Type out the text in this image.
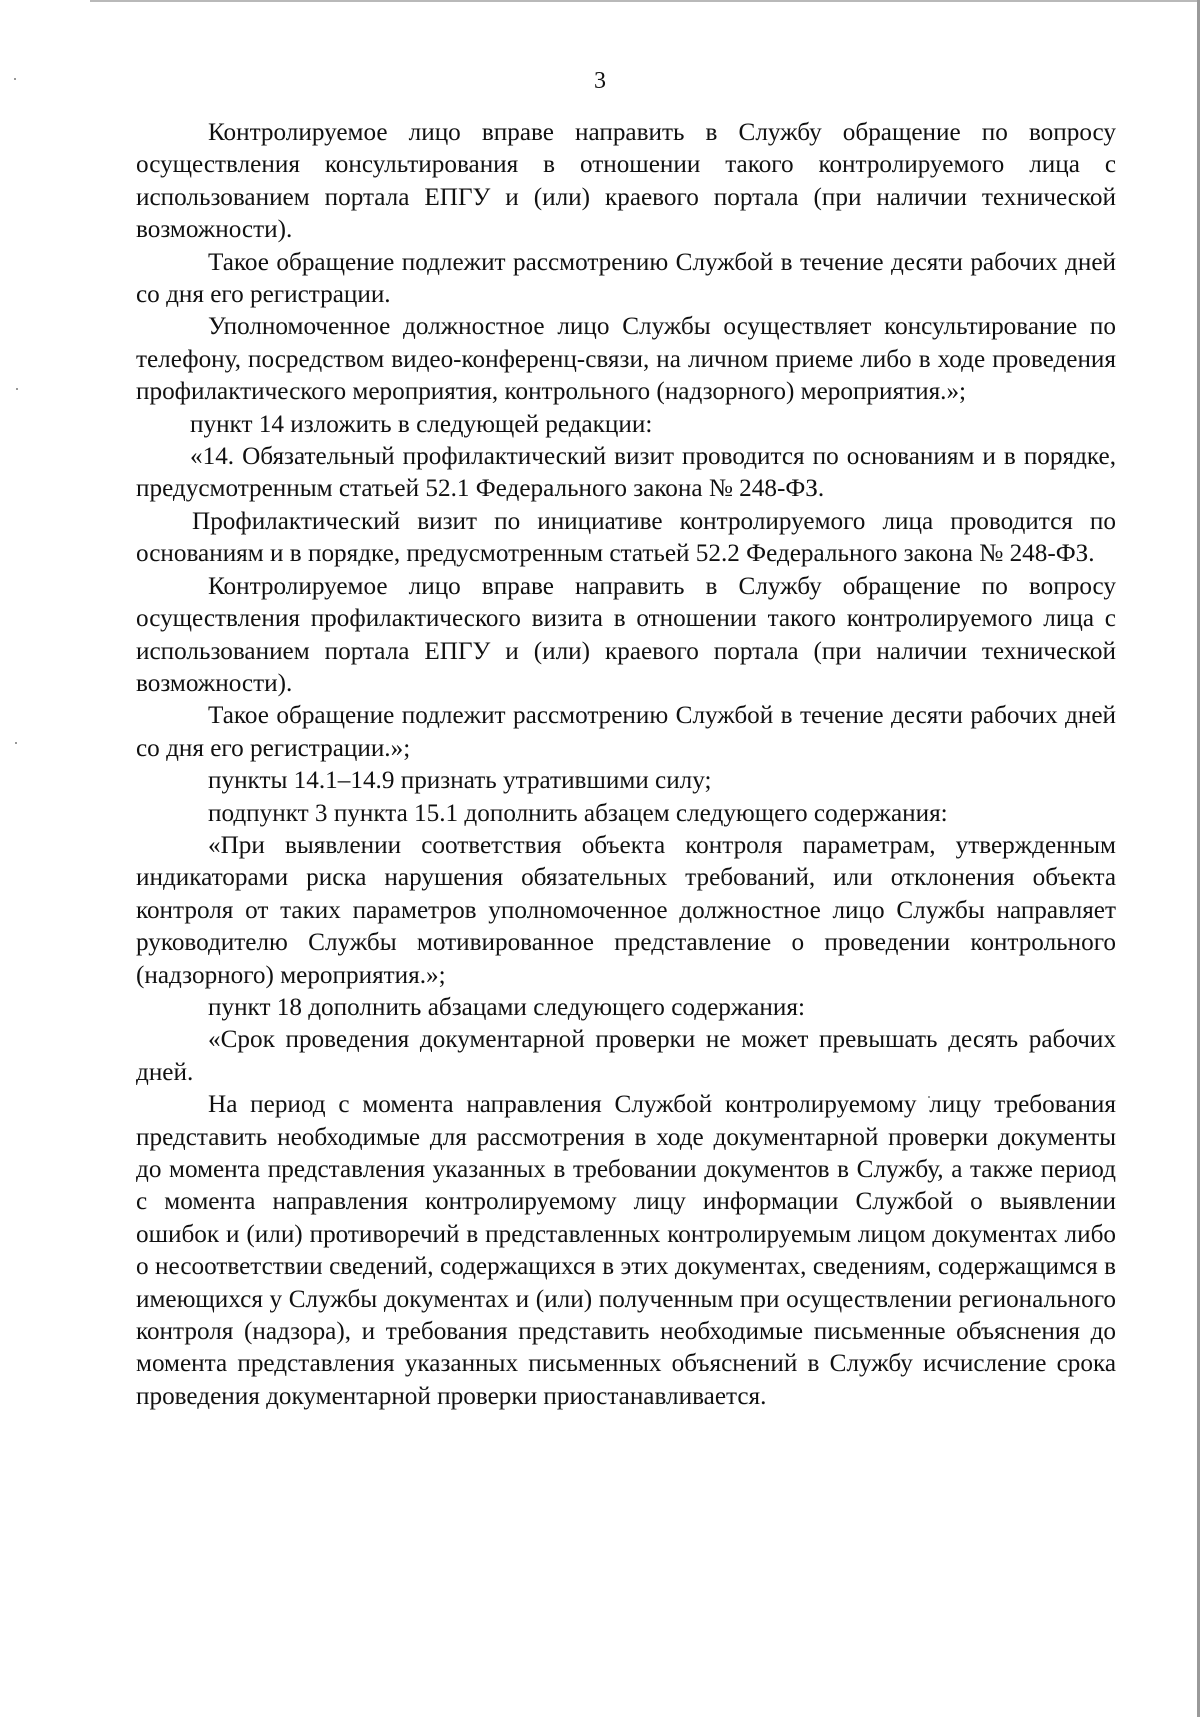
3

Контролируемое лицо вправе направить в Службу обращение по вопросу осуществления консультирования в отношении такого контролируемого лица с использованием портала ЕПГУ и (или) краевого портала (при наличии технической возможности).

Такое обращение подлежит рассмотрению Службой в течение десяти рабочих дней со дня его регистрации.

Уполномоченное должностное лицо Службы осуществляет консультирование по телефону, посредством видео-конференц-связи, на личном приеме либо в ходе проведения профилактического мероприятия, контрольного (надзорного) мероприятия.»;

пункт 14 изложить в следующей редакции:

«14. Обязательный профилактический визит проводится по основаниям и в порядке, предусмотренным статьей 52.1 Федерального закона № 248-ФЗ.

Профилактический визит по инициативе контролируемого лица проводится по основаниям и в порядке, предусмотренным статьей 52.2 Федерального закона № 248-ФЗ.

Контролируемое лицо вправе направить в Службу обращение по вопросу осуществления профилактического визита в отношении такого контролируемого лица с использованием портала ЕПГУ и (или) краевого портала (при наличии технической возможности).

Такое обращение подлежит рассмотрению Службой в течение десяти рабочих дней со дня его регистрации.»;

пункты 14.1–14.9 признать утратившими силу;

подпункт 3 пункта 15.1 дополнить абзацем следующего содержания:

«При выявлении соответствия объекта контроля параметрам, утвержденным индикаторами риска нарушения обязательных требований, или отклонения объекта контроля от таких параметров уполномоченное должностное лицо Службы направляет руководителю Службы мотивированное представление о проведении контрольного (надзорного) мероприятия.»;

пункт 18 дополнить абзацами следующего содержания:

«Срок проведения документарной проверки не может превышать десять рабочих дней.

На период с момента направления Службой контролируемому лицу требования представить необходимые для рассмотрения в ходе документарной проверки документы до момента представления указанных в требовании документов в Службу, а также период с момента направления контролируемому лицу информации Службой о выявлении ошибок и (или) противоречий в представленных контролируемым лицом документах либо о несоответствии сведений, содержащихся в этих документах, сведениям, содержащимся в имеющихся у Службы документах и (или) полученным при осуществлении регионального контроля (надзора), и требования представить необходимые письменные объяснения до момента представления указанных письменных объяснений в Службу исчисление срока проведения документарной проверки приостанавливается.
